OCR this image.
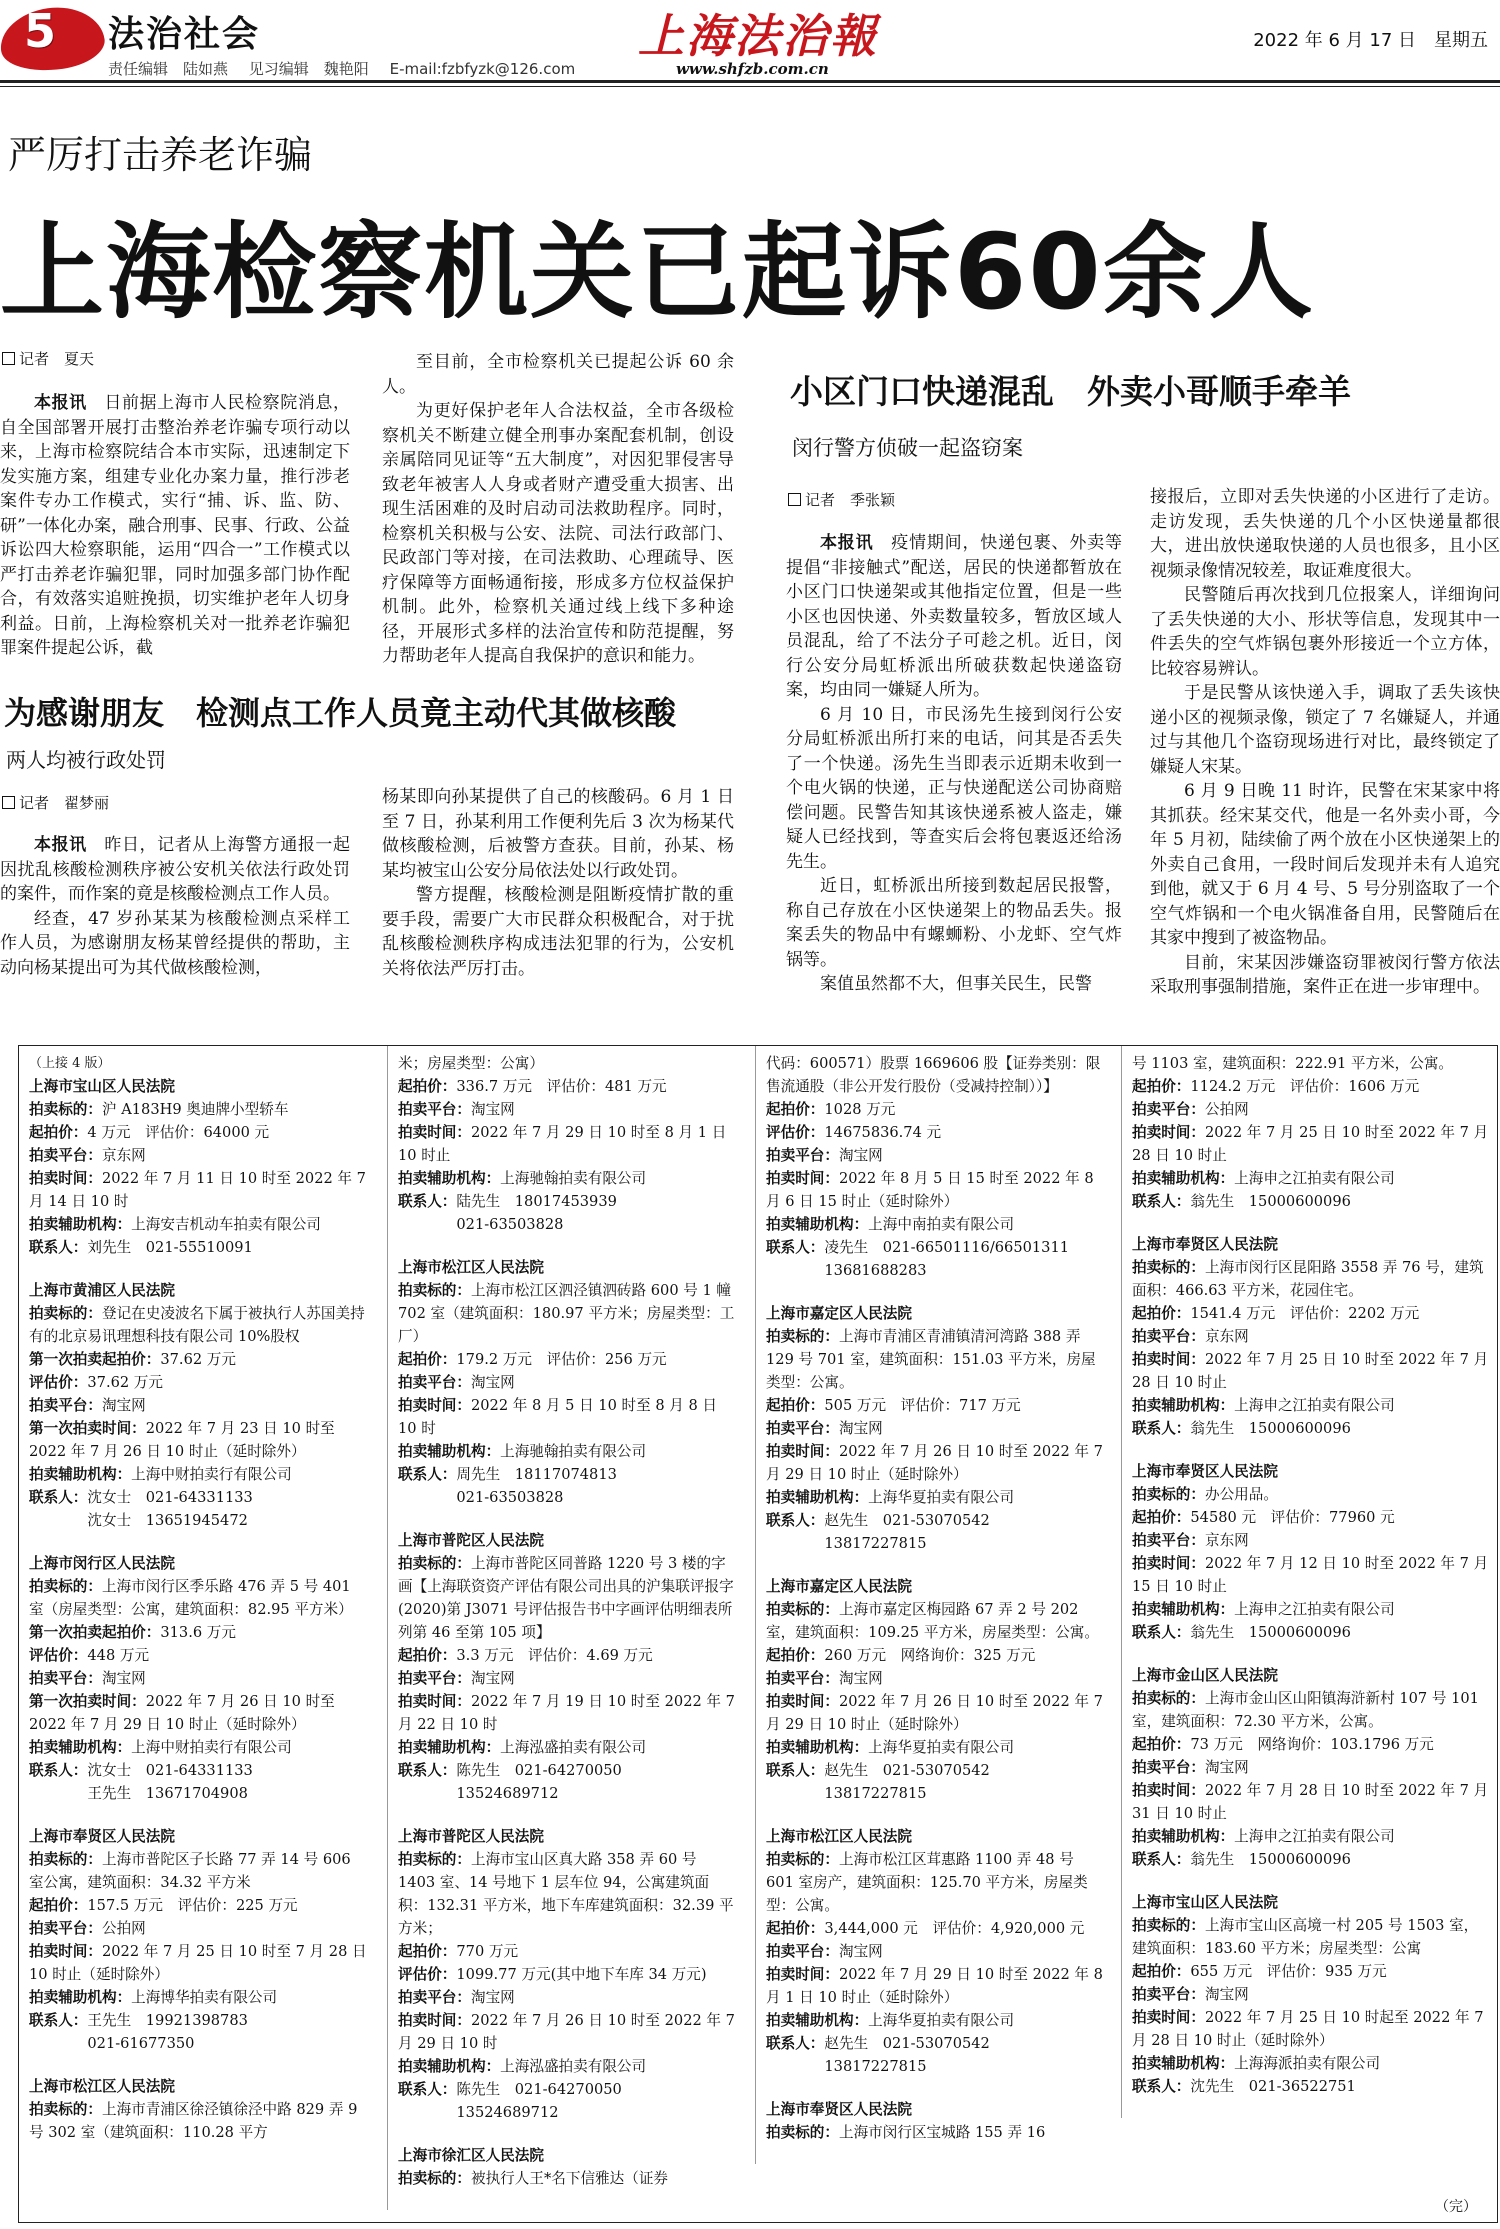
5 法治社会
责任编辑　陆如燕 见习编辑　魏艳阳 E-mail:fzbfyzk@126.com
上海法治報
www.shfzb.com.cn
2022 年 6 月 17 日　星期五
严厉打击养老诈骗
上海检察机关已起诉60余人
记者　夏天

本报讯　 日前据上海市人民检察院消息，自全国部署开展打击整治养老诈骗专项行动以来，上海市检察院结合本市实际，迅速制定下发实施方案，组建专业化办案力量，推行涉老案件专办工作模式，实行“捕、诉、监、防、研”一体化办案，融合刑事、民事、行政、公益诉讼四大检察职能，运用“四合一”工作模式以严打击养老诈骗犯罪，同时加强多部门协作配合，有效落实追赃挽损，切实维护老年人切身利益。日前，上海检察机关对一批养老诈骗犯罪案件提起公诉，截

至目前，全市检察机关已提起公诉 60 余人。

为更好保护老年人合法权益，全市各级检察机关不断建立健全刑事办案配套机制，创设亲属陪同见证等“五大制度”，对因犯罪侵害导致老年被害人人身或者财产遭受重大损害、出现生活困难的及时启动司法救助程序。同时，检察机关积极与公安、法院、司法行政部门、民政部门等对接，在司法救助、心理疏导、医疗保障等方面畅通衔接，形成多方位权益保护机制。此外，检察机关通过线上线下多种途径，开展形式多样的法治宣传和防范提醒，努力帮助老年人提高自我保护的意识和能力。

为感谢朋友　检测点工作人员竟主动代其做核酸
两人均被行政处罚
记者　翟梦丽

本报讯　 昨日，记者从上海警方通报一起因扰乱核酸检测秩序被公安机关依法行政处罚的案件，而作案的竟是核酸检测点工作人员。

经查，47 岁孙某某为核酸检测点采样工作人员，为感谢朋友杨某曾经提供的帮助，主动向杨某提出可为其代做核酸检测，

杨某即向孙某提供了自己的核酸码。6 月 1 日至 7 日，孙某利用工作便利先后 3 次为杨某代做核酸检测，后被警方查获。目前，孙某、杨某均被宝山公安分局依法处以行政处罚。

警方提醒，核酸检测是阻断疫情扩散的重要手段，需要广大市民群众积极配合，对于扰乱核酸检测秩序构成违法犯罪的行为，公安机关将依法严厉打击。

小区门口快递混乱　外卖小哥顺手牵羊
闵行警方侦破一起盗窃案
记者　季张颖

本报讯　 疫情期间，快递包裹、外卖等提倡“非接触式”配送，居民的快递都暂放在小区门口快递架或其他指定位置，但是一些小区也因快递、外卖数量较多，暂放区域人员混乱，给了不法分子可趁之机。近日，闵行公安分局虹桥派出所破获数起快递盗窃案，均由同一嫌疑人所为。

6 月 10 日，市民汤先生接到闵行公安分局虹桥派出所打来的电话，问其是否丢失了一个快递。汤先生当即表示近期未收到一个电火锅的快递，正与快递配送公司协商赔偿问题。民警告知其该快递系被人盗走，嫌疑人已经找到，等查实后会将包裹返还给汤先生。

近日，虹桥派出所接到数起居民报警，称自己存放在小区快递架上的物品丢失。报案丢失的物品中有螺蛳粉、小龙虾、空气炸锅等。

案值虽然都不大，但事关民生，民警

接报后，立即对丢失快递的小区进行了走访。走访发现，丢失快递的几个小区快递量都很大，进出放快递取快递的人员也很多，且小区视频录像情况较差，取证难度很大。

民警随后再次找到几位报案人，详细询问了丢失快递的大小、形状等信息，发现其中一件丢失的空气炸锅包裹外形接近一个立方体，比较容易辨认。

于是民警从该快递入手，调取了丢失该快递小区的视频录像，锁定了 7 名嫌疑人，并通过与其他几个盗窃现场进行对比，最终锁定了嫌疑人宋某。

6 月 9 日晚 11 时许，民警在宋某家中将其抓获。经宋某交代，他是一名外卖小哥，今年 5 月初，陆续偷了两个放在小区快递架上的外卖自己食用，一段时间后发现并未有人追究到他，就又于 6 月 4 号、5 号分别盗取了一个空气炸锅和一个电火锅准备自用，民警随后在其家中搜到了被盗物品。

目前，宋某因涉嫌盗窃罪被闵行警方依法采取刑事强制措施，案件正在进一步审理中。

（上接 4 版）
上海市宝山区人民法院
拍卖标的：沪 A183H9 奥迪牌小型轿车
起拍价：4 万元　评估价：64000 元
拍卖平台：京东网
拍卖时间：2022 年 7 月 11 日 10 时至 2022 年 7 月 14 日 10 时
拍卖辅助机构：上海安吉机动车拍卖有限公司
联系人：刘先生　021-55510091
上海市黄浦区人民法院
拍卖标的：登记在史凌波名下属于被执行人苏国美持有的北京易讯理想科技有限公司 10%股权
第一次拍卖起拍价：37.62 万元
评估价：37.62 万元
拍卖平台：淘宝网
第一次拍卖时间：2022 年 7 月 23 日 10 时至 2022 年 7 月 26 日 10 时止（延时除外）
拍卖辅助机构：上海中财拍卖行有限公司
联系人：沈女士　021-64331133
　　　　沈女士　13651945472
上海市闵行区人民法院
拍卖标的：上海市闵行区季乐路 476 弄 5 号 401 室（房屋类型：公寓，建筑面积：82.95 平方米）
第一次拍卖起拍价：313.6 万元
评估价：448 万元
拍卖平台：淘宝网
第一次拍卖时间：2022 年 7 月 26 日 10 时至 2022 年 7 月 29 日 10 时止（延时除外）
拍卖辅助机构：上海中财拍卖行有限公司
联系人：沈女士　021-64331133
　　　　王先生　13671704908
上海市奉贤区人民法院
拍卖标的：上海市普陀区子长路 77 弄 14 号 606 室公寓，建筑面积：34.32 平方米
起拍价：157.5 万元　评估价：225 万元
拍卖平台：公拍网
拍卖时间：2022 年 7 月 25 日 10 时至 7 月 28 日 10 时止（延时除外）
拍卖辅助机构：上海博华拍卖有限公司
联系人：王先生　19921398783
　　　　021-61677350
上海市松江区人民法院
拍卖标的：上海市青浦区徐泾镇徐泾中路 829 弄 9 号 302 室（建筑面积：110.28 平方
米；房屋类型：公寓）
起拍价：336.7 万元　评估价：481 万元
拍卖平台：淘宝网
拍卖时间：2022 年 7 月 29 日 10 时至 8 月 1 日 10 时止
拍卖辅助机构：上海驰翰拍卖有限公司
联系人：陆先生　18017453939
　　　　021-63503828
上海市松江区人民法院
拍卖标的：上海市松江区泗泾镇泗砖路 600 号 1 幢 702 室（建筑面积：180.97 平方米；房屋类型：工厂）
起拍价：179.2 万元　评估价：256 万元
拍卖平台：淘宝网
拍卖时间：2022 年 8 月 5 日 10 时至 8 月 8 日 10 时
拍卖辅助机构：上海驰翰拍卖有限公司
联系人：周先生　18117074813
　　　　021-63503828
上海市普陀区人民法院
拍卖标的：上海市普陀区同普路 1220 号 3 楼的字画【上海联资资产评估有限公司出具的沪集联评报字(2020)第 J3071 号评估报告书中字画评估明细表所列第 46 至第 105 项】
起拍价：3.3 万元　评估价：4.69 万元
拍卖平台：淘宝网
拍卖时间：2022 年 7 月 19 日 10 时至 2022 年 7 月 22 日 10 时
拍卖辅助机构：上海泓盛拍卖有限公司
联系人：陈先生　021-64270050
　　　　13524689712
上海市普陀区人民法院
拍卖标的：上海市宝山区真大路 358 弄 60 号 1403 室、14 号地下 1 层车位 94，公寓建筑面积：132.31 平方米，地下车库建筑面积：32.39 平方米；
起拍价：770 万元
评估价：1099.77 万元(其中地下车库 34 万元)
拍卖平台：淘宝网
拍卖时间：2022 年 7 月 26 日 10 时至 2022 年 7 月 29 日 10 时
拍卖辅助机构：上海泓盛拍卖有限公司
联系人：陈先生　021-64270050
　　　　13524689712
上海市徐汇区人民法院
拍卖标的：被执行人王*名下信雅达（证券
代码：600571）股票 1669606 股【证券类别：限售流通股（非公开发行股份（受减持控制））】
起拍价：1028 万元
评估价：14675836.74 元
拍卖平台：淘宝网
拍卖时间：2022 年 8 月 5 日 15 时至 2022 年 8 月 6 日 15 时止（延时除外）
拍卖辅助机构：上海中南拍卖有限公司
联系人：凌先生　021-66501116/66501311
　　　　13681688283
上海市嘉定区人民法院
拍卖标的：上海市青浦区青浦镇清河湾路 388 弄 129 号 701 室，建筑面积：151.03 平方米，房屋类型：公寓。
起拍价：505 万元　评估价：717 万元
拍卖平台：淘宝网
拍卖时间：2022 年 7 月 26 日 10 时至 2022 年 7 月 29 日 10 时止（延时除外）
拍卖辅助机构：上海华夏拍卖有限公司
联系人：赵先生　021-53070542
　　　　13817227815
上海市嘉定区人民法院
拍卖标的：上海市嘉定区梅园路 67 弄 2 号 202 室，建筑面积：109.25 平方米，房屋类型：公寓。
起拍价：260 万元　网络询价：325 万元
拍卖平台：淘宝网
拍卖时间：2022 年 7 月 26 日 10 时至 2022 年 7 月 29 日 10 时止（延时除外）
拍卖辅助机构：上海华夏拍卖有限公司
联系人：赵先生　021-53070542
　　　　13817227815
上海市松江区人民法院
拍卖标的：上海市松江区茸惠路 1100 弄 48 号 601 室房产，建筑面积：125.70 平方米，房屋类型：公寓。
起拍价：3,444,000 元　评估价：4,920,000 元
拍卖平台：淘宝网
拍卖时间：2022 年 7 月 29 日 10 时至 2022 年 8 月 1 日 10 时止（延时除外）
拍卖辅助机构：上海华夏拍卖有限公司
联系人：赵先生　021-53070542
　　　　13817227815
上海市奉贤区人民法院
拍卖标的：上海市闵行区宝城路 155 弄 16
号 1103 室，建筑面积：222.91 平方米，公寓。
起拍价：1124.2 万元　评估价：1606 万元
拍卖平台：公拍网
拍卖时间：2022 年 7 月 25 日 10 时至 2022 年 7 月 28 日 10 时止
拍卖辅助机构：上海申之江拍卖有限公司
联系人：翁先生　15000600096
上海市奉贤区人民法院
拍卖标的：上海市闵行区昆阳路 3558 弄 76 号，建筑面积：466.63 平方米，花园住宅。
起拍价：1541.4 万元　评估价：2202 万元
拍卖平台：京东网
拍卖时间：2022 年 7 月 25 日 10 时至 2022 年 7 月 28 日 10 时止
拍卖辅助机构：上海申之江拍卖有限公司
联系人：翁先生　15000600096
上海市奉贤区人民法院
拍卖标的：办公用品。
起拍价：54580 元　评估价：77960 元
拍卖平台：京东网
拍卖时间：2022 年 7 月 12 日 10 时至 2022 年 7 月 15 日 10 时止
拍卖辅助机构：上海申之江拍卖有限公司
联系人：翁先生　15000600096
上海市金山区人民法院
拍卖标的：上海市金山区山阳镇海浒新村 107 号 101 室，建筑面积：72.30 平方米，公寓。
起拍价：73 万元　网络询价：103.1796 万元
拍卖平台：淘宝网
拍卖时间：2022 年 7 月 28 日 10 时至 2022 年 7 月 31 日 10 时止
拍卖辅助机构：上海申之江拍卖有限公司
联系人：翁先生　15000600096
上海市宝山区人民法院
拍卖标的：上海市宝山区高境一村 205 号 1503 室，建筑面积：183.60 平方米；房屋类型：公寓
起拍价：655 万元　评估价：935 万元
拍卖平台：淘宝网
拍卖时间：2022 年 7 月 25 日 10 时起至 2022 年 7 月 28 日 10 时止（延时除外）
拍卖辅助机构：上海海派拍卖有限公司
联系人：沈先生　021-36522751
（完）
